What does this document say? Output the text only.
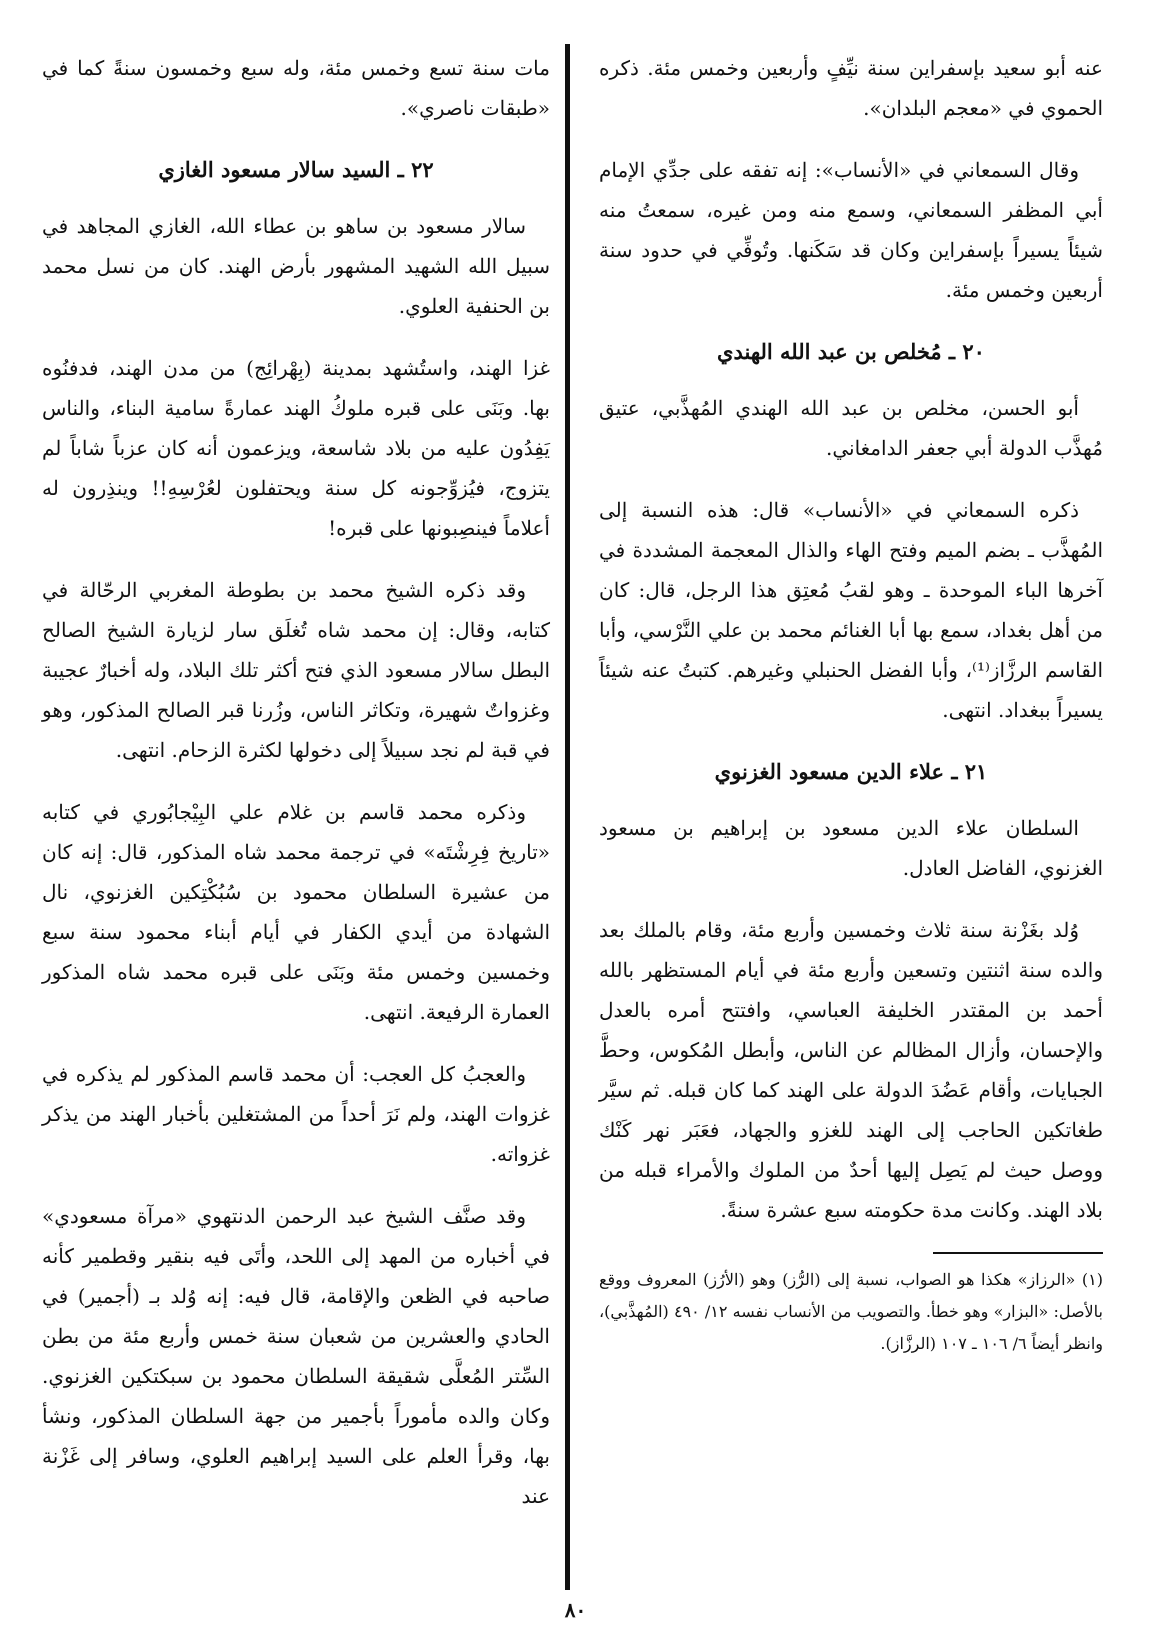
عنه أبو سعيد بإسفراين سنة نيِّفٍ وأربعين وخمس مئة. ذكره الحموي في «معجم البلدان».

وقال السمعاني في «الأنساب»: إنه تفقه على جدِّي الإمام أبي المظفر السمعاني، وسمع منه ومن غيره، سمعتُ منه شيئاً يسيراً بإسفراين وكان قد سَكَنها. وتُوفِّي في حدود سنة أربعين وخمس مئة.

٢٠ ـ مُخلص بن عبد الله الهندي

أبو الحسن، مخلص بن عبد الله الهندي المُهذَّبي، عتيق مُهذَّب الدولة أبي جعفر الدامغاني.

ذكره السمعاني في «الأنساب» قال: هذه النسبة إلى المُهذَّب ـ بضم الميم وفتح الهاء والذال المعجمة المشددة في آخرها الباء الموحدة ـ وهو لقبُ مُعتِق هذا الرجل، قال: كان من أهل بغداد، سمع بها أبا الغنائم محمد بن علي النَّرْسي، وأبا القاسم الرزَّاز⁽¹⁾، وأبا الفضل الحنبلي وغيرهم. كتبتُ عنه شيئاً يسيراً ببغداد. انتهى.

٢١ ـ علاء الدين مسعود الغزنوي

السلطان علاء الدين مسعود بن إبراهيم بن مسعود الغزنوي، الفاضل العادل.

وُلد بغَزْنة سنة ثلاث وخمسين وأربع مئة، وقام بالملك بعد والده سنة اثنتين وتسعين وأربع مئة في أيام المستظهر بالله أحمد بن المقتدر الخليفة العباسي، وافتتح أمره بالعدل والإحسان، وأزال المظالم عن الناس، وأبطل المُكوس، وحطَّ الجبايات، وأقام عَضُدَ الدولة على الهند كما كان قبله. ثم سيَّر طغاتكين الحاجب إلى الهند للغزو والجهاد، فعَبَر نهر كَنْك ووصل حيث لم يَصِل إليها أحدٌ من الملوك والأمراء قبله من بلاد الهند. وكانت مدة حكومته سبع عشرة سنةً.

(١) «الرزاز» هكذا هو الصواب، نسبة إلى (الرُّز) وهو (الأرُز) المعروف ووقع بالأصل: «البزار» وهو خطأ. والتصويب من الأنساب نفسه ١٢/ ٤٩٠ (المُهذَّبي)، وانظر أيضاً ٦/ ١٠٦ ـ ١٠٧ (الرزَّاز).

مات سنة تسع وخمس مئة، وله سبع وخمسون سنةً كما في «طبقات ناصري».

٢٢ ـ السيد سالار مسعود الغازي

سالار مسعود بن ساهو بن عطاء الله، الغازي المجاهد في سبيل الله الشهيد المشهور بأرض الهند. كان من نسل محمد بن الحنفية العلوي.

غزا الهند، واستُشهد بمدينة (بِهْرائِج) من مدن الهند، فدفنُوه بها. وبَنَى على قبره ملوكُ الهند عمارةً سامية البناء، والناس يَفِدُون عليه من بلاد شاسعة، ويزعمون أنه كان عزباً شاباً لم يتزوج، فيُزوِّجونه كل سنة ويحتفلون لعُرْسِهِ!! وينذِرون له أعلاماً فينصِبونها على قبره!

وقد ذكره الشيخ محمد بن بطوطة المغربي الرحّالة في كتابه، وقال: إن محمد شاه تُغلَق سار لزيارة الشيخ الصالح البطل سالار مسعود الذي فتح أكثر تلك البلاد، وله أخبارٌ عجيبة وغزواتٌ شهيرة، وتكاثر الناس، وزُرنا قبر الصالح المذكور، وهو في قبة لم نجد سبيلاً إلى دخولها لكثرة الزحام. انتهى.

وذكره محمد قاسم بن غلام علي البِيْجابُوري في كتابه «تاريخ فِرِشْتَه» في ترجمة محمد شاه المذكور، قال: إنه كان من عشيرة السلطان محمود بن سُبُكْتِكين الغزنوي، نال الشهادة من أيدي الكفار في أيام أبناء محمود سنة سبع وخمسين وخمس مئة وبَنَى على قبره محمد شاه المذكور العمارة الرفيعة. انتهى.

والعجبُ كل العجب: أن محمد قاسم المذكور لم يذكره في غزوات الهند، ولم نَرَ أحداً من المشتغلين بأخبار الهند من يذكر غزواته.

وقد صنَّف الشيخ عبد الرحمن الدنتهوي «مرآة مسعودي» في أخباره من المهد إلى اللحد، وأتَى فيه بنقير وقطمير كأنه صاحبه في الظعن والإقامة، قال فيه: إنه وُلد بـ (أجمير) في الحادي والعشرين من شعبان سنة خمس وأربع مئة من بطن السِّتر المُعلَّى شقيقة السلطان محمود بن سبكتكين الغزنوي. وكان والده مأموراً بأجمير من جهة السلطان المذكور، ونشأ بها، وقرأ العلم على السيد إبراهيم العلوي، وسافر إلى غَزْنة عند

٨٠
